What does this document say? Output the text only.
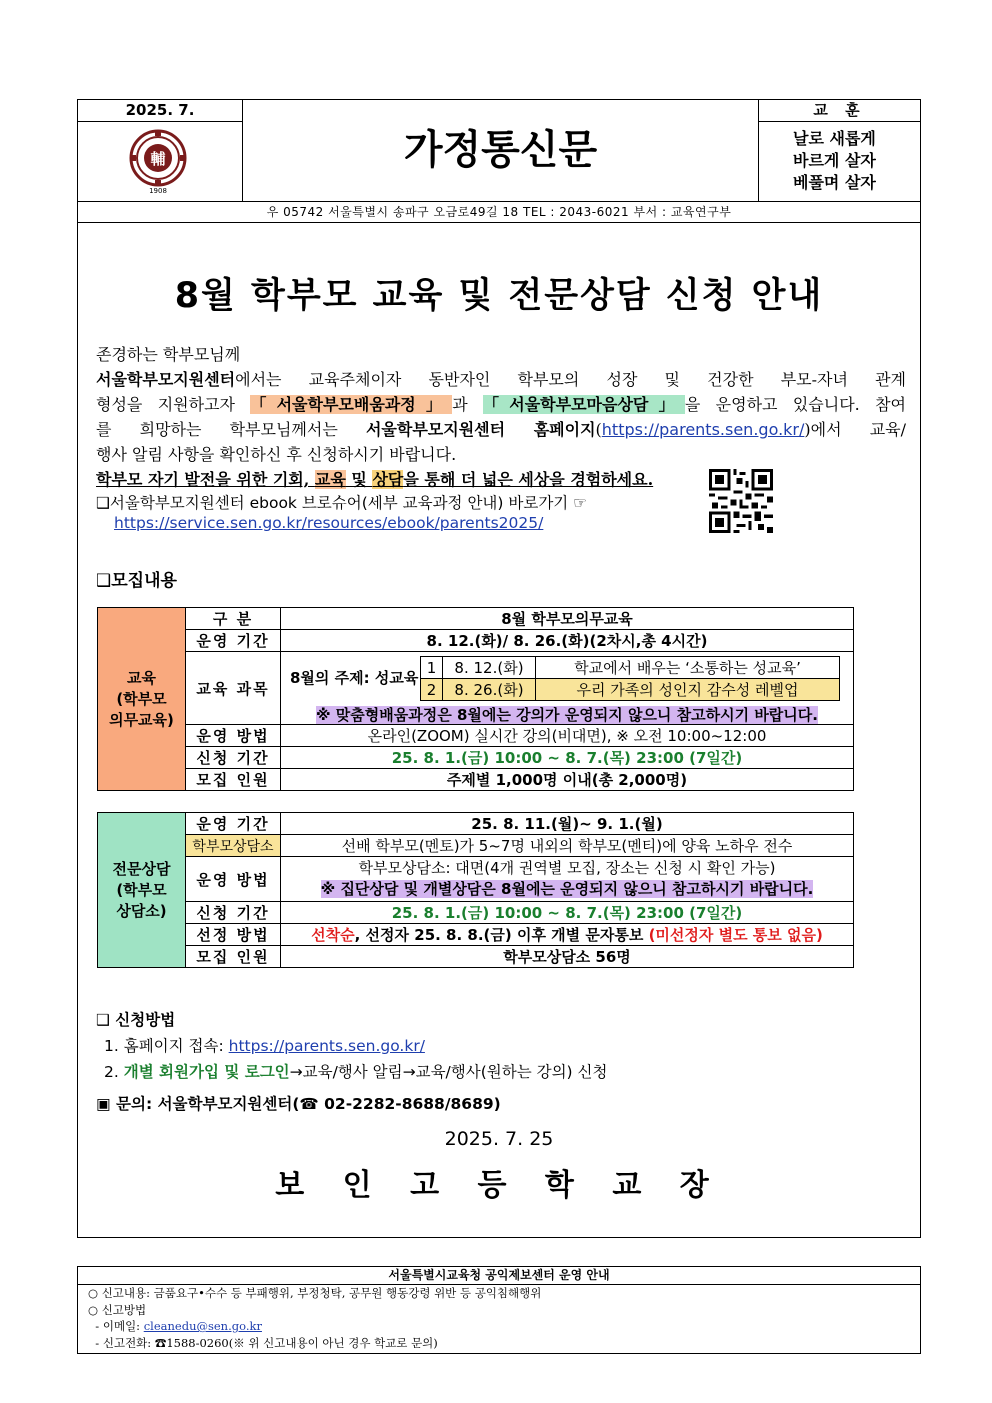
2025. 7.
輔
1908
가정통신문
교 훈
날로 새롭게
바르게 살자
베풀며 살자
우 05742 서울특별시 송파구 오금로49길 18 TEL : 2043-6021 부서 : 교육연구부
8월 학부모 교육 및 전문상담 신청 안내
존경하는 학부모님께
서울학부모지원센터에서는 교육주체이자 동반자인 학부모의 성장 및 건강한 부모-자녀 관계
형성을 지원하고자 「서울학부모배움과정」과 「서울학부모마음상담」을 운영하고 있습니다. 참여
를 희망하는 학부모님께서는 서울학부모지원센터 홈페이지(https://parents.sen.go.kr/)에서 교육/
행사 알림 사항을 확인하신 후 신청하시기 바랍니다.
학부모 자기 발전을 위한 기회, 교육 및 상담을 통해 더 넓은 세상을 경험하세요.
❑서울학부모지원센터 ebook 브로슈어(세부 교육과정 안내) 바로가기 ☞
https://service.sen.go.kr/resources/ebook/parents2025/
❑모집내용
교육
(학부모
의무교육)	구 분	8월 학부모의무교육
운영 기간	8. 12.(화)/ 8. 26.(화)(2차시,총 4시간)
교육 과목	
8월의 주제: 성교육
1	8. 12.(화)	학교에서 배우는 ‘소통하는 성교육’
2	8. 26.(화)	우리 가족의 성인지 감수성 레벨업
※ 맞춤형배움과정은 8월에는 강의가 운영되지 않으니 참고하시기 바랍니다.

운영 방법	온라인(ZOOM) 실시간 강의(비대면), ※ 오전 10:00~12:00
신청 기간	25. 8. 1.(금) 10:00 ~ 8. 7.(목) 23:00 (7일간)
모집 인원	주제별 1,000명 이내(총 2,000명)
전문상담
(학부모
상담소)	운영 기간	25. 8. 11.(월)~ 9. 1.(월)
	학부모상담소	선배 학부모(멘토)가 5~7명 내외의 학부모(멘티)에 양육 노하우 전수
	운영 방법	학부모상담소: 대면(4개 권역별 모집, 장소는 신청 시 확인 가능)
※ 집단상담 및 개별상담은 8월에는 운영되지 않으니 참고하시기 바랍니다.

	신청 기간	25. 8. 1.(금) 10:00 ~ 8. 7.(목) 23:00 (7일간)
	선정 방법	선착순, 선정자 25. 8. 8.(금) 이후 개별 문자통보 (미선정자 별도 통보 없음)
	모집 인원	학부모상담소 56명
❑ 신청방법
1. 홈페이지 접속: https://parents.sen.go.kr/
2. 개별 회원가입 및 로그인→교육/행사 알림→교육/행사(원하는 강의) 신청
▣ 문의: 서울학부모지원센터(☎ 02-2282-8688/8689)
2025. 7. 25
보 인 고 등 학 교 장
서울특별시교육청 공익제보센터 운영 안내
○ 신고내용: 금품요구•수수 등 부패행위, 부정청탁, 공무원 행동강령 위반 등 공익침해행위
○ 신고방법
- 이메일: cleanedu@sen.go.kr
- 신고전화: ☎1588-0260(※ 위 신고내용이 아닌 경우 학교로 문의)
